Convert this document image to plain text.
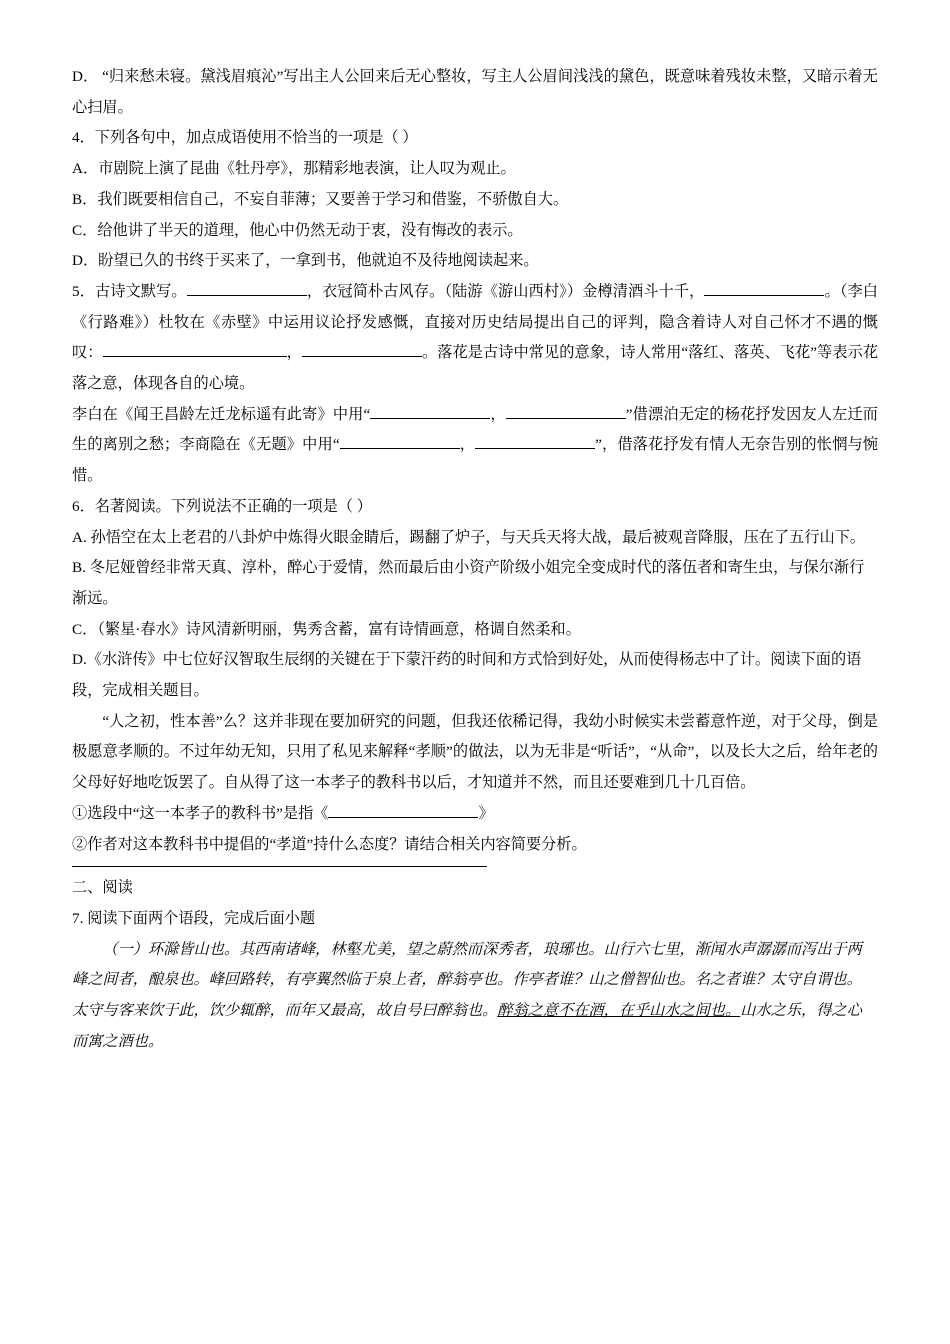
D． “归来愁未寝。黛浅眉痕沁”写出主人公回来后无心整妆，写主人公眉间浅浅的黛色，既意味着残妆未整，又暗示着无心扫眉。
4．下列各句中，加点成语使用不恰当的一项是（ ）
A．市剧院上演了昆曲《牡丹亭》，那精彩地表演，让人叹为观止。
B．我们既要相信自己，不妄自菲薄；又要善于学习和借鉴，不骄傲自大。
C．给他讲了半天的道理，他心中仍然无动于衷，没有悔改的表示。
D．盼望已久的书终于买来了，一拿到书，他就迫不及待地阅读起来。
5．古诗文默写。	，衣冠简朴古风存。（陆游《游山西村》）金樽清酒斗十千，	。（李白《行路难》）杜牧在《赤壁》中运用议论抒发感慨，直接对历史结局提出自己的评判，隐含着诗人对自己怀才不遇的慨叹：	，	。落花是古诗中常见的意象，诗人常用“落红、落英、飞花”等表示花落之意，体现各自的心境。
李白在《闻王昌龄左迁龙标遥有此寄》中用“	，	”借漂泊无定的杨花抒发因友人左迁而生的离别之愁；李商隐在《无题》中用“	，	”，借落花抒发有情人无奈告别的怅惘与惋惜。
6．名著阅读。下列说法不正确的一项是（ ）
A. 孙悟空在太上老君的八卦炉中炼得火眼金睛后，踢翻了炉子，与天兵天将大战，最后被观音降服，压在了五行山下。
B. 冬尼娅曾经非常天真、淳朴，醉心于爱情，然而最后由小资产阶级小姐完全变成时代的落伍者和寄生虫，与保尔渐行渐远。
C．（繁星·春水》诗风清新明丽，隽秀含蓄，富有诗情画意，格调自然柔和。
D.《水浒传》中七位好汉智取生辰纲的关键在于下蒙汗药的时间和方式恰到好处，从而使得杨志中了计。阅读下面的语段，完成相关题目。
“人之初，性本善”么？这并非现在要加研究的问题，但我还依稀记得，我幼小时候实未尝蓄意忤逆，对于父母，倒是极愿意孝顺的。不过年幼无知，只用了私见来解释“孝顺”的做法，以为无非是“听话”，“从命”，以及长大之后，给年老的父母好好地吃饭罢了。自从得了这一本孝子的教科书以后，才知道并不然，而且还要难到几十几百倍。
①选段中“这一本孝子的教科书”是指《	》
②作者对这本教科书中提倡的“孝道”持什么态度？请结合相关内容简要分析。
二、阅读
7. 阅读下面两个语段，完成后面小题
（一）环滁皆山也。其西南诸峰，林壑尤美，望之蔚然而深秀者，琅琊也。山行六七里，渐闻水声潺潺而泻出于两
峰之间者，酿泉也。峰回路转，有亭翼然临于泉上者，醉翁亭也。作亭者谁？山之僧智仙也。名之者谁？太守自谓也。
太守与客来饮于此，饮少辄醉，而年又最高，故自号曰醉翁也。醉翁之意不在酒，在乎山水之间也。山水之乐，得之心
而寓之酒也。
